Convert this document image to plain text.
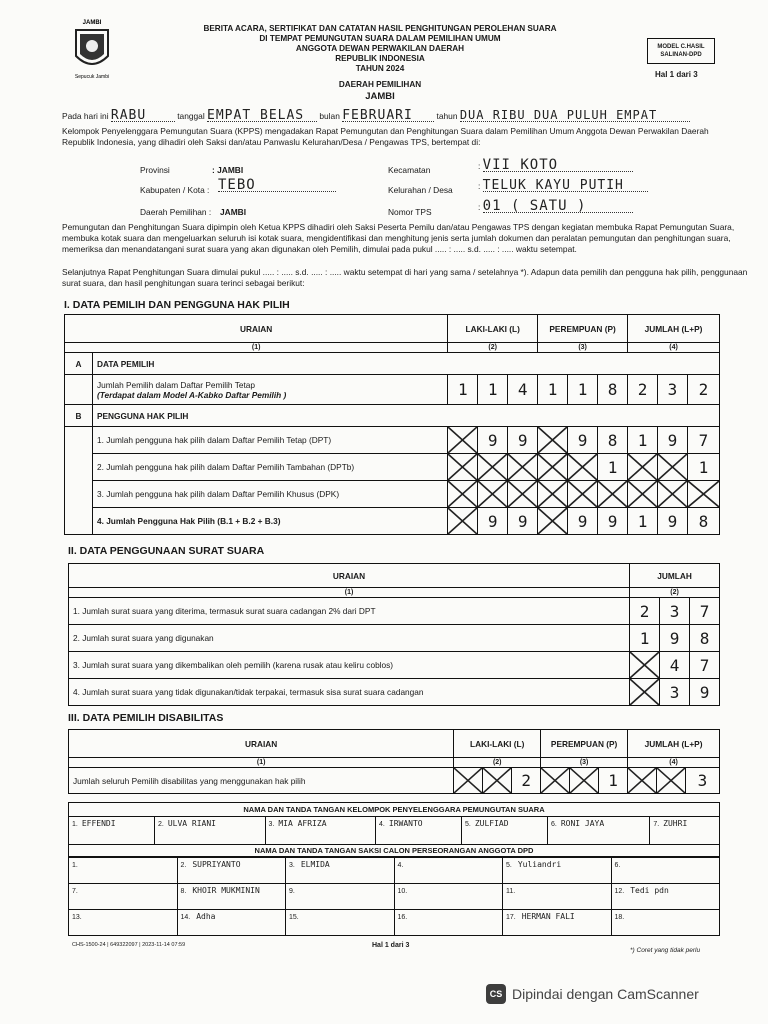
JAMBI
Sepucuk Jambi
BERITA ACARA, SERTIFIKAT DAN CATATAN HASIL PENGHITUNGAN PEROLEHAN SUARA
DI TEMPAT PEMUNGUTAN SUARA DALAM PEMILIHAN UMUM
ANGGOTA DEWAN PERWAKILAN DAERAH
REPUBLIK INDONESIA
TAHUN 2024
DAERAH PEMILIHAN
JAMBI
MODEL C.HASIL
SALINAN-DPD
Hal 1 dari 3
Pada hari ini RABU	tanggal EMPAT BELAS bulan FEBRUARI	tahun DUA RIBU DUA PULUH EMPAT
Kelompok Penyelenggara Pemungutan Suara (KPPS) mengadakan Rapat Pemungutan dan Penghitungan Suara dalam Pemilihan Umum Anggota Dewan Perwakilan Daerah Republik Indonesia, yang dihadiri oleh Saksi dan/atau Panwaslu Kelurahan/Desa / Pengawas TPS, bertempat di:
Provinsi	: JAMBI
Kabupaten / Kota : TEBO
Daerah Pemilihan : JAMBI
Kecamatan	: VII KOTO
Kelurahan / Desa	: TELUK KAYU PUTIH
Nomor TPS	: 01 ( SATU )
Pemungutan dan Penghitungan Suara dipimpin oleh Ketua KPPS dihadiri oleh Saksi Peserta Pemilu dan/atau Pengawas TPS dengan kegiatan membuka Rapat Pemungutan Suara, membuka kotak suara dan mengeluarkan seluruh isi kotak suara, mengidentifikasi dan menghitung jenis serta jumlah dokumen dan peralatan pemungutan dan penghitungan suara, memeriksa dan menandatangani surat suara yang akan digunakan oleh Pemilih, dimulai pada pukul ..... : ..... s.d. ..... : ..... waktu setempat.
Selanjutnya Rapat Penghitungan Suara dimulai pukul ..... : ..... s.d. ..... : ..... waktu setempat di hari yang sama / setelahnya *). Adapun data pemilih dan pengguna hak pilih, penggunaan surat suara, dan hasil penghitungan suara terinci sebagai berikut:
I. DATA PEMILIH DAN PENGGUNA HAK PILIH
URAIAN		LAKI-LAKI (L)			PEREMPUAN (P)			JUMLAH (L+P)		
(1)		(2)			(3)			(4)		
A	DATA PEMILIH									

	Jumlah Pemilih dalam Daftar Pemilih Tetap
(Terdapat dalam Model A-Kabko Daftar Pemilih )	1	1	4	1	1	8	2	3	2
B	PENGGUNA HAK PILIH									
	1. Jumlah pengguna hak pilih dalam Daftar Pemilih Tetap (DPT)		9	9		9	8	1	9	7
	2. Jumlah pengguna hak pilih dalam Daftar Pemilih Tambahan (DPTb)						1			1
	3. Jumlah pengguna hak pilih dalam Daftar Pemilih Khusus (DPK)	

	4. Jumlah Pengguna Hak Pilih (B.1 + B.2 + B.3)		9	9		9	9	1	9	8
II. DATA PENGGUNAAN SURAT SUARA
URAIAN	JUMLAH		
(1)	(2)		
1. Jumlah surat suara yang diterima, termasuk surat suara cadangan 2% dari DPT	2	3	7
2. Jumlah surat suara yang digunakan	1	9	8
3. Jumlah surat suara yang dikembalikan oleh pemilih (karena rusak atau keliru coblos)		4	7
4. Jumlah surat suara yang tidak digunakan/tidak terpakai, termasuk sisa surat suara cadangan		3	9
III. DATA PEMILIH DISABILITAS
URAIAN	LAKI-LAKI (L)			PEREMPUAN (P)			JUMLAH (L+P)		
(1)	(2)			(3)			(4)		
Jumlah seluruh Pemilih disabilitas yang menggunakan hak pilih			2			1			3
NAMA DAN TANDA TANGAN KELOMPOK PENYELENGGARA PEMUNGUTAN SUARA
1. EFFENDI	2. ULVA RIANI	3. MIA AFRIZA	4. IRWANTO	5. ZULFIAD	6. RONI JAYA	7. ZUHRI
NAMA DAN TANDA TANGAN SAKSI CALON PERSEORANGAN ANGGOTA DPD
1.	2. SUPRIYANTO	3. ELMIDA	4.	5. Yuliandri	6.
7.	8. KHOIR MUKMININ	9.	10.	11.	12. Tedi pdn
13.	14. Adha	15.	16.	17. HERMAN FALI	18.
CHS-1500-24 | 649322097 | 2023-11-14 07:59	Hal 1 dari 3
*) Coret yang tidak perlu
CS Dipindai dengan CamScanner
